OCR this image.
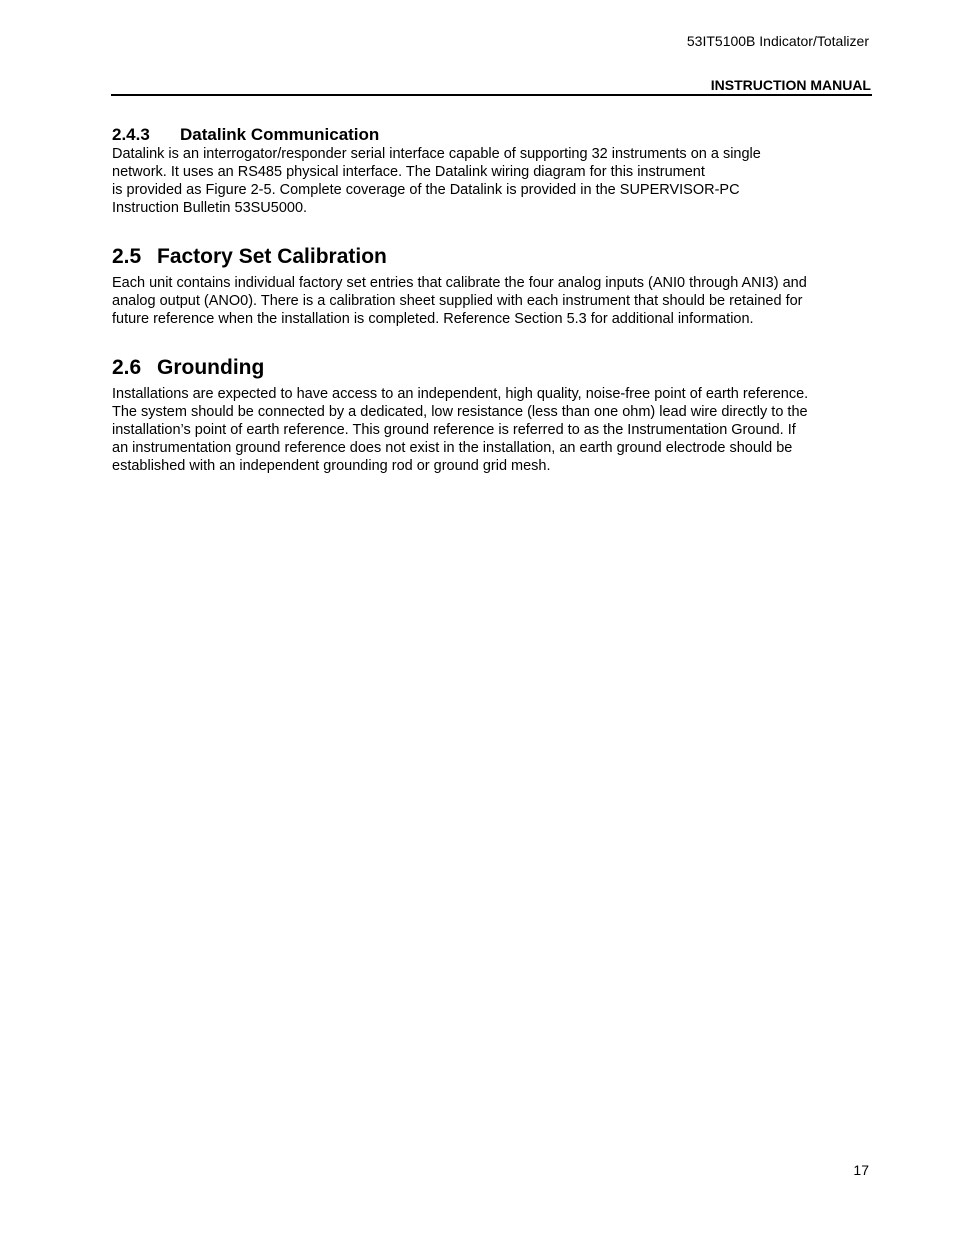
53IT5100B Indicator/Totalizer
INSTRUCTION MANUAL
2.4.3 Datalink Communication

Datalink is an interrogator/responder serial interface capable of supporting 32 instruments on a single
network. It uses an RS485 physical interface. The Datalink wiring diagram for this instrument
is provided as Figure 2-5. Complete coverage of the Datalink is provided in the SUPERVISOR-PC
Instruction Bulletin 53SU5000.

2.5 Factory Set Calibration

Each unit contains individual factory set entries that calibrate the four analog inputs (ANI0 through ANI3) and
analog output (ANO0). There is a calibration sheet supplied with each instrument that should be retained for
future reference when the installation is completed. Reference Section 5.3 for additional information.

2.6 Grounding

Installations are expected to have access to an independent, high quality, noise-free point of earth reference.
The system should be connected by a dedicated, low resistance (less than one ohm) lead wire directly to the
installation’s point of earth reference. This ground reference is referred to as the Instrumentation Ground. If
an instrumentation ground reference does not exist in the installation, an earth ground electrode should be
established with an independent grounding rod or ground grid mesh.

17
